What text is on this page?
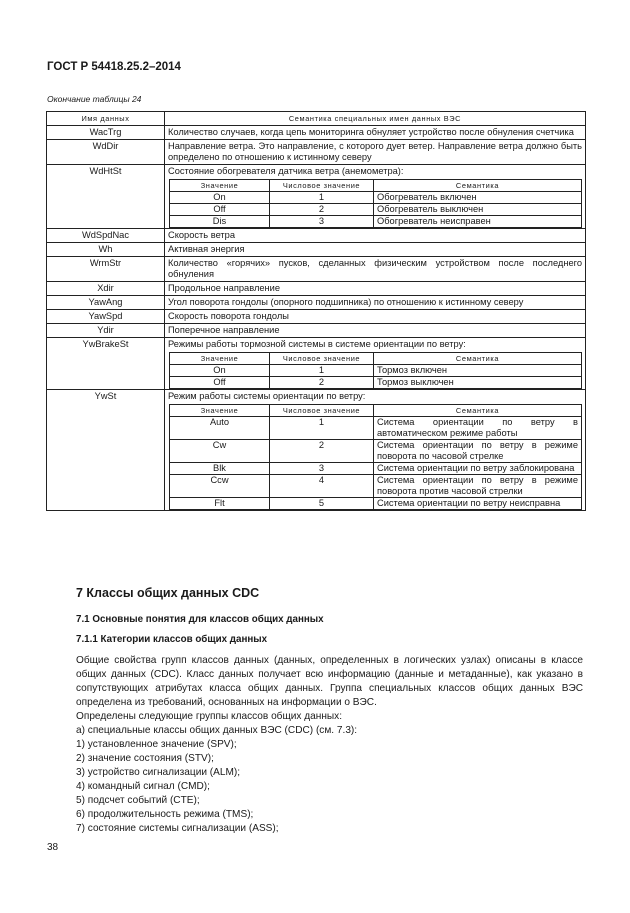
ГОСТ Р 54418.25.2–2014
Окончание таблицы 24
Имя данных	Семантика специальных имен данных ВЭС
WacTrg	Количество случаев, когда цепь мониторинга обнуляет устройство после обнуления счетчика
WdDir	Направление ветра. Это направление, с которого дует ветер. Направление ветра должно быть определено по отношению к истинному северу
WdHtSt	Состояние обогревателя датчика ветра (анемометра):
Значение	Числовое значение	Семантика
On	1	Обогреватель включен
Off	2	Обогреватель выключен
Dis	3	Обогреватель неисправен

WdSpdNac	Скорость ветра
Wh	Активная энергия
WrmStr	Количество «горячих» пусков, сделанных физическим устройством после последнего обнуления
Xdir	Продольное направление
YawAng	Угол поворота гондолы (опорного подшипника) по отношению к истинному северу
YawSpd	Скорость поворота гондолы
Ydir	Поперечное направление
YwBrakeSt	Режимы работы тормозной системы в системе ориентации по ветру:
Значение	Числовое значение	Семантика
On	1	Тормоз включен
Off	2	Тормоз выключен

YwSt	Режим работы системы ориентации по ветру:
Значение	Числовое значение	Семантика
Auto	1	Система ориентации по ветру в автоматическом режиме работы
Cw	2	Система ориентации по ветру в режиме поворота по часовой стрелке
Blk	3	Система ориентации по ветру заблокирована
Ccw	4	Система ориентации по ветру в режиме поворота против часовой стрелки
Flt	5	Система ориентации по ветру неисправна
7 Классы общих данных CDC
7.1 Основные понятия для классов общих данных
7.1.1 Категории классов общих данных
Общие свойства групп классов данных (данных, определенных в логических узлах) описаны в классе общих данных (CDC). Класс данных получает всю информацию (данные и метаданные), как указано в сопутствующих атрибутах класса общих данных. Группа специальных классов общих данных ВЭС определена из требований, основанных на информации о ВЭС.
Определены следующие группы классов общих данных:
а) специальные классы общих данных ВЭС (CDC) (см. 7.3):
1) установленное значение (SPV);
2) значение состояния (STV);
3) устройство сигнализации (ALM);
4) командный сигнал (CMD);
5) подсчет событий (CTE);
6) продолжительность режима (TMS);
7) состояние системы сигнализации (ASS);
38
